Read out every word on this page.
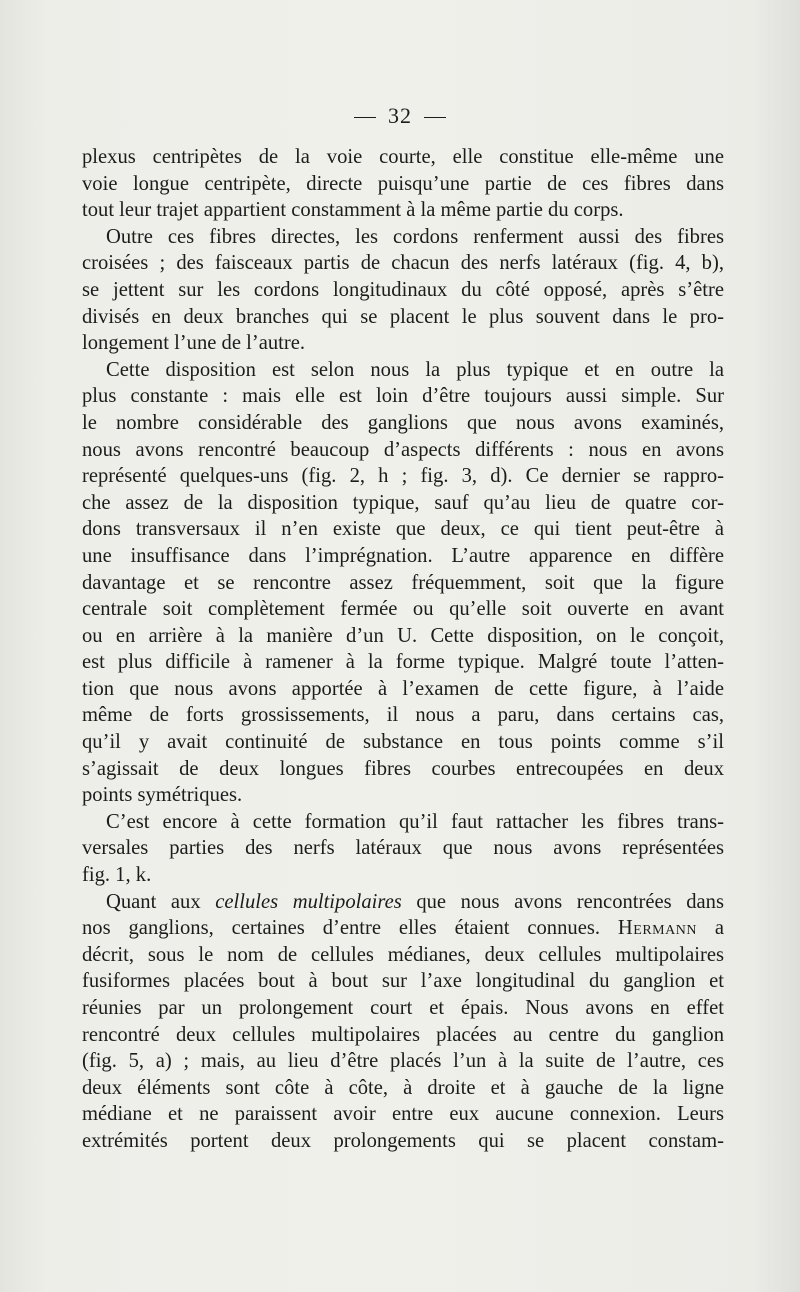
32
plexus centripètes de la voie courte, elle constitue elle-même une
voie longue centripète, directe puisqu’une partie de ces fibres dans
tout leur trajet appartient constamment à la même partie du corps.
Outre ces fibres directes, les cordons renferment aussi des fibres
croisées ; des faisceaux partis de chacun des nerfs latéraux (fig. 4, b),
se jettent sur les cordons longitudinaux du côté opposé, après s’être
divisés en deux branches qui se placent le plus souvent dans le pro-
longement l’une de l’autre.
Cette disposition est selon nous la plus typique et en outre la
plus constante : mais elle est loin d’être toujours aussi simple. Sur
le nombre considérable des ganglions que nous avons examinés,
nous avons rencontré beaucoup d’aspects différents : nous en avons
représenté quelques-uns (fig. 2, h ; fig. 3, d). Ce dernier se rappro-
che assez de la disposition typique, sauf qu’au lieu de quatre cor-
dons transversaux il n’en existe que deux, ce qui tient peut-être à
une insuffisance dans l’imprégnation. L’autre apparence en diffère
davantage et se rencontre assez fréquemment, soit que la figure
centrale soit complètement fermée ou qu’elle soit ouverte en avant
ou en arrière à la manière d’un U. Cette disposition, on le conçoit,
est plus difficile à ramener à la forme typique. Malgré toute l’atten-
tion que nous avons apportée à l’examen de cette figure, à l’aide
même de forts grossissements, il nous a paru, dans certains cas,
qu’il y avait continuité de substance en tous points comme s’il
s’agissait de deux longues fibres courbes entrecoupées en deux
points symétriques.
C’est encore à cette formation qu’il faut rattacher les fibres trans-
versales parties des nerfs latéraux que nous avons représentées
fig. 1, k.
Quant aux cellules multipolaires que nous avons rencontrées dans
nos ganglions, certaines d’entre elles étaient connues. Hermann a
décrit, sous le nom de cellules médianes, deux cellules multipolaires
fusiformes placées bout à bout sur l’axe longitudinal du ganglion et
réunies par un prolongement court et épais. Nous avons en effet
rencontré deux cellules multipolaires placées au centre du ganglion
(fig. 5, a) ; mais, au lieu d’être placés l’un à la suite de l’autre, ces
deux éléments sont côte à côte, à droite et à gauche de la ligne
médiane et ne paraissent avoir entre eux aucune connexion. Leurs
extrémités portent deux prolongements qui se placent constam-
